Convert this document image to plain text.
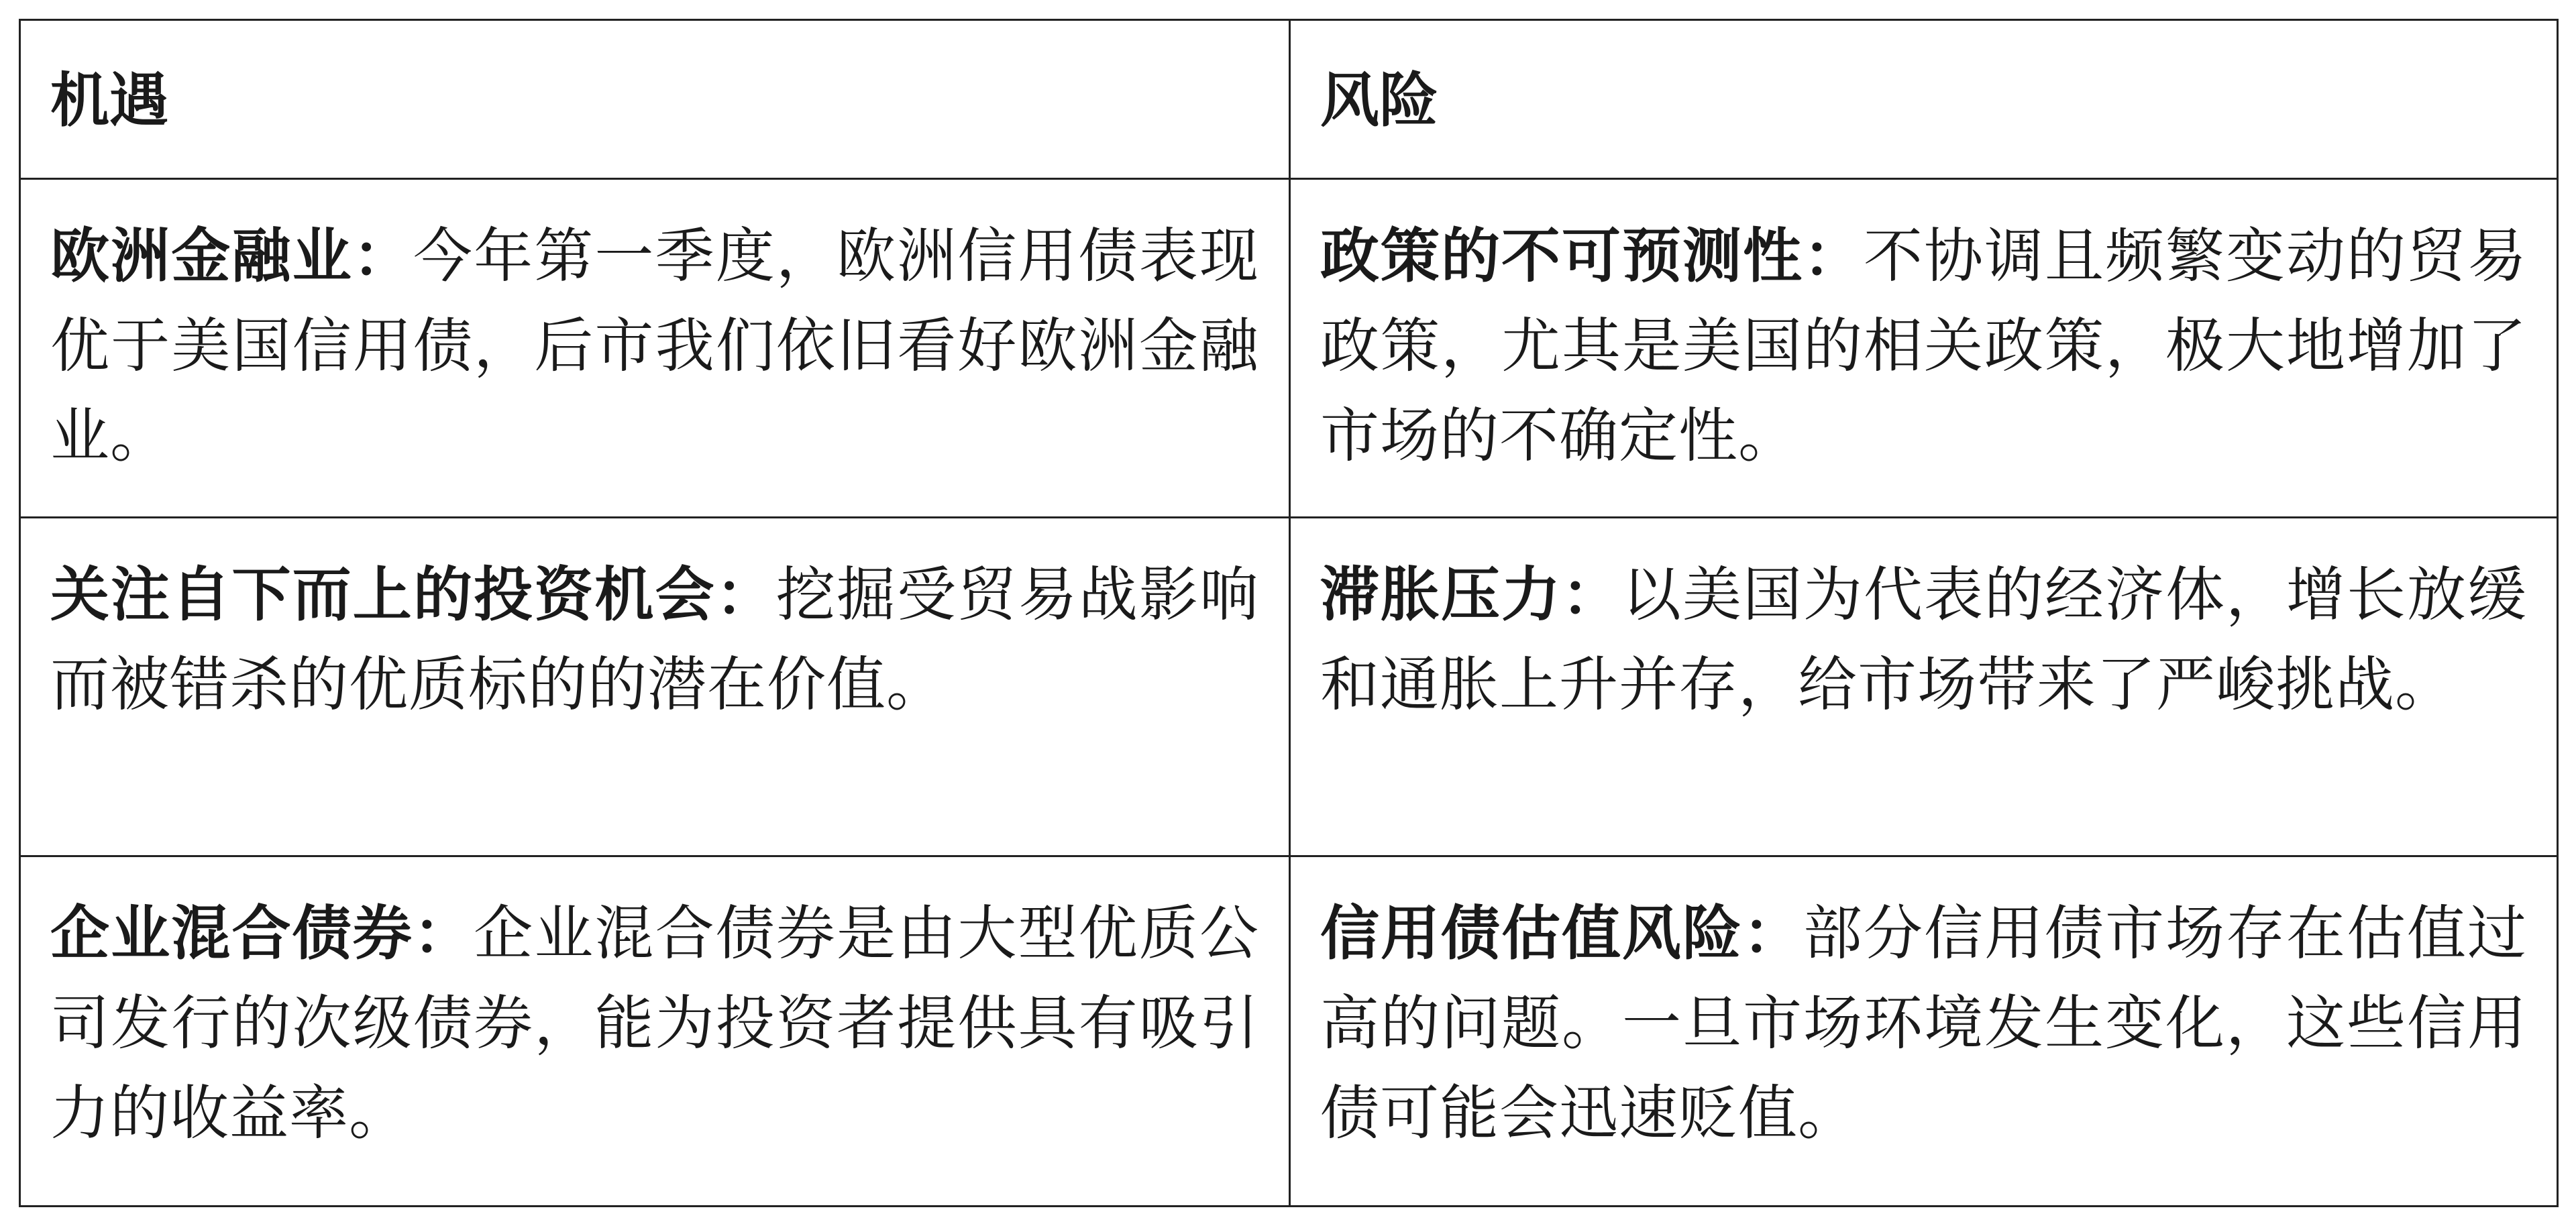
机遇	风险

欧洲金融业：今年第一季度，欧洲信用债表现优于美国信用债，后市我们依旧看好欧洲金融业。	政策的不可预测性：不协调且频繁变动的贸易政策，尤其是美国的相关政策，极大地增加了市场的不确定性。

关注自下而上的投资机会：挖掘受贸易战影响而被错杀的优质标的的潜在价值。	滞胀压力：以美国为代表的经济体，增长放缓和通胀上升并存，给市场带来了严峻挑战。

企业混合债券：企业混合债券是由大型优质公司发行的次级债券，能为投资者提供具有吸引力的收益率。	信用债估值风险：部分信用债市场存在估值过高的问题。一旦市场环境发生变化，这些信用债可能会迅速贬值。
